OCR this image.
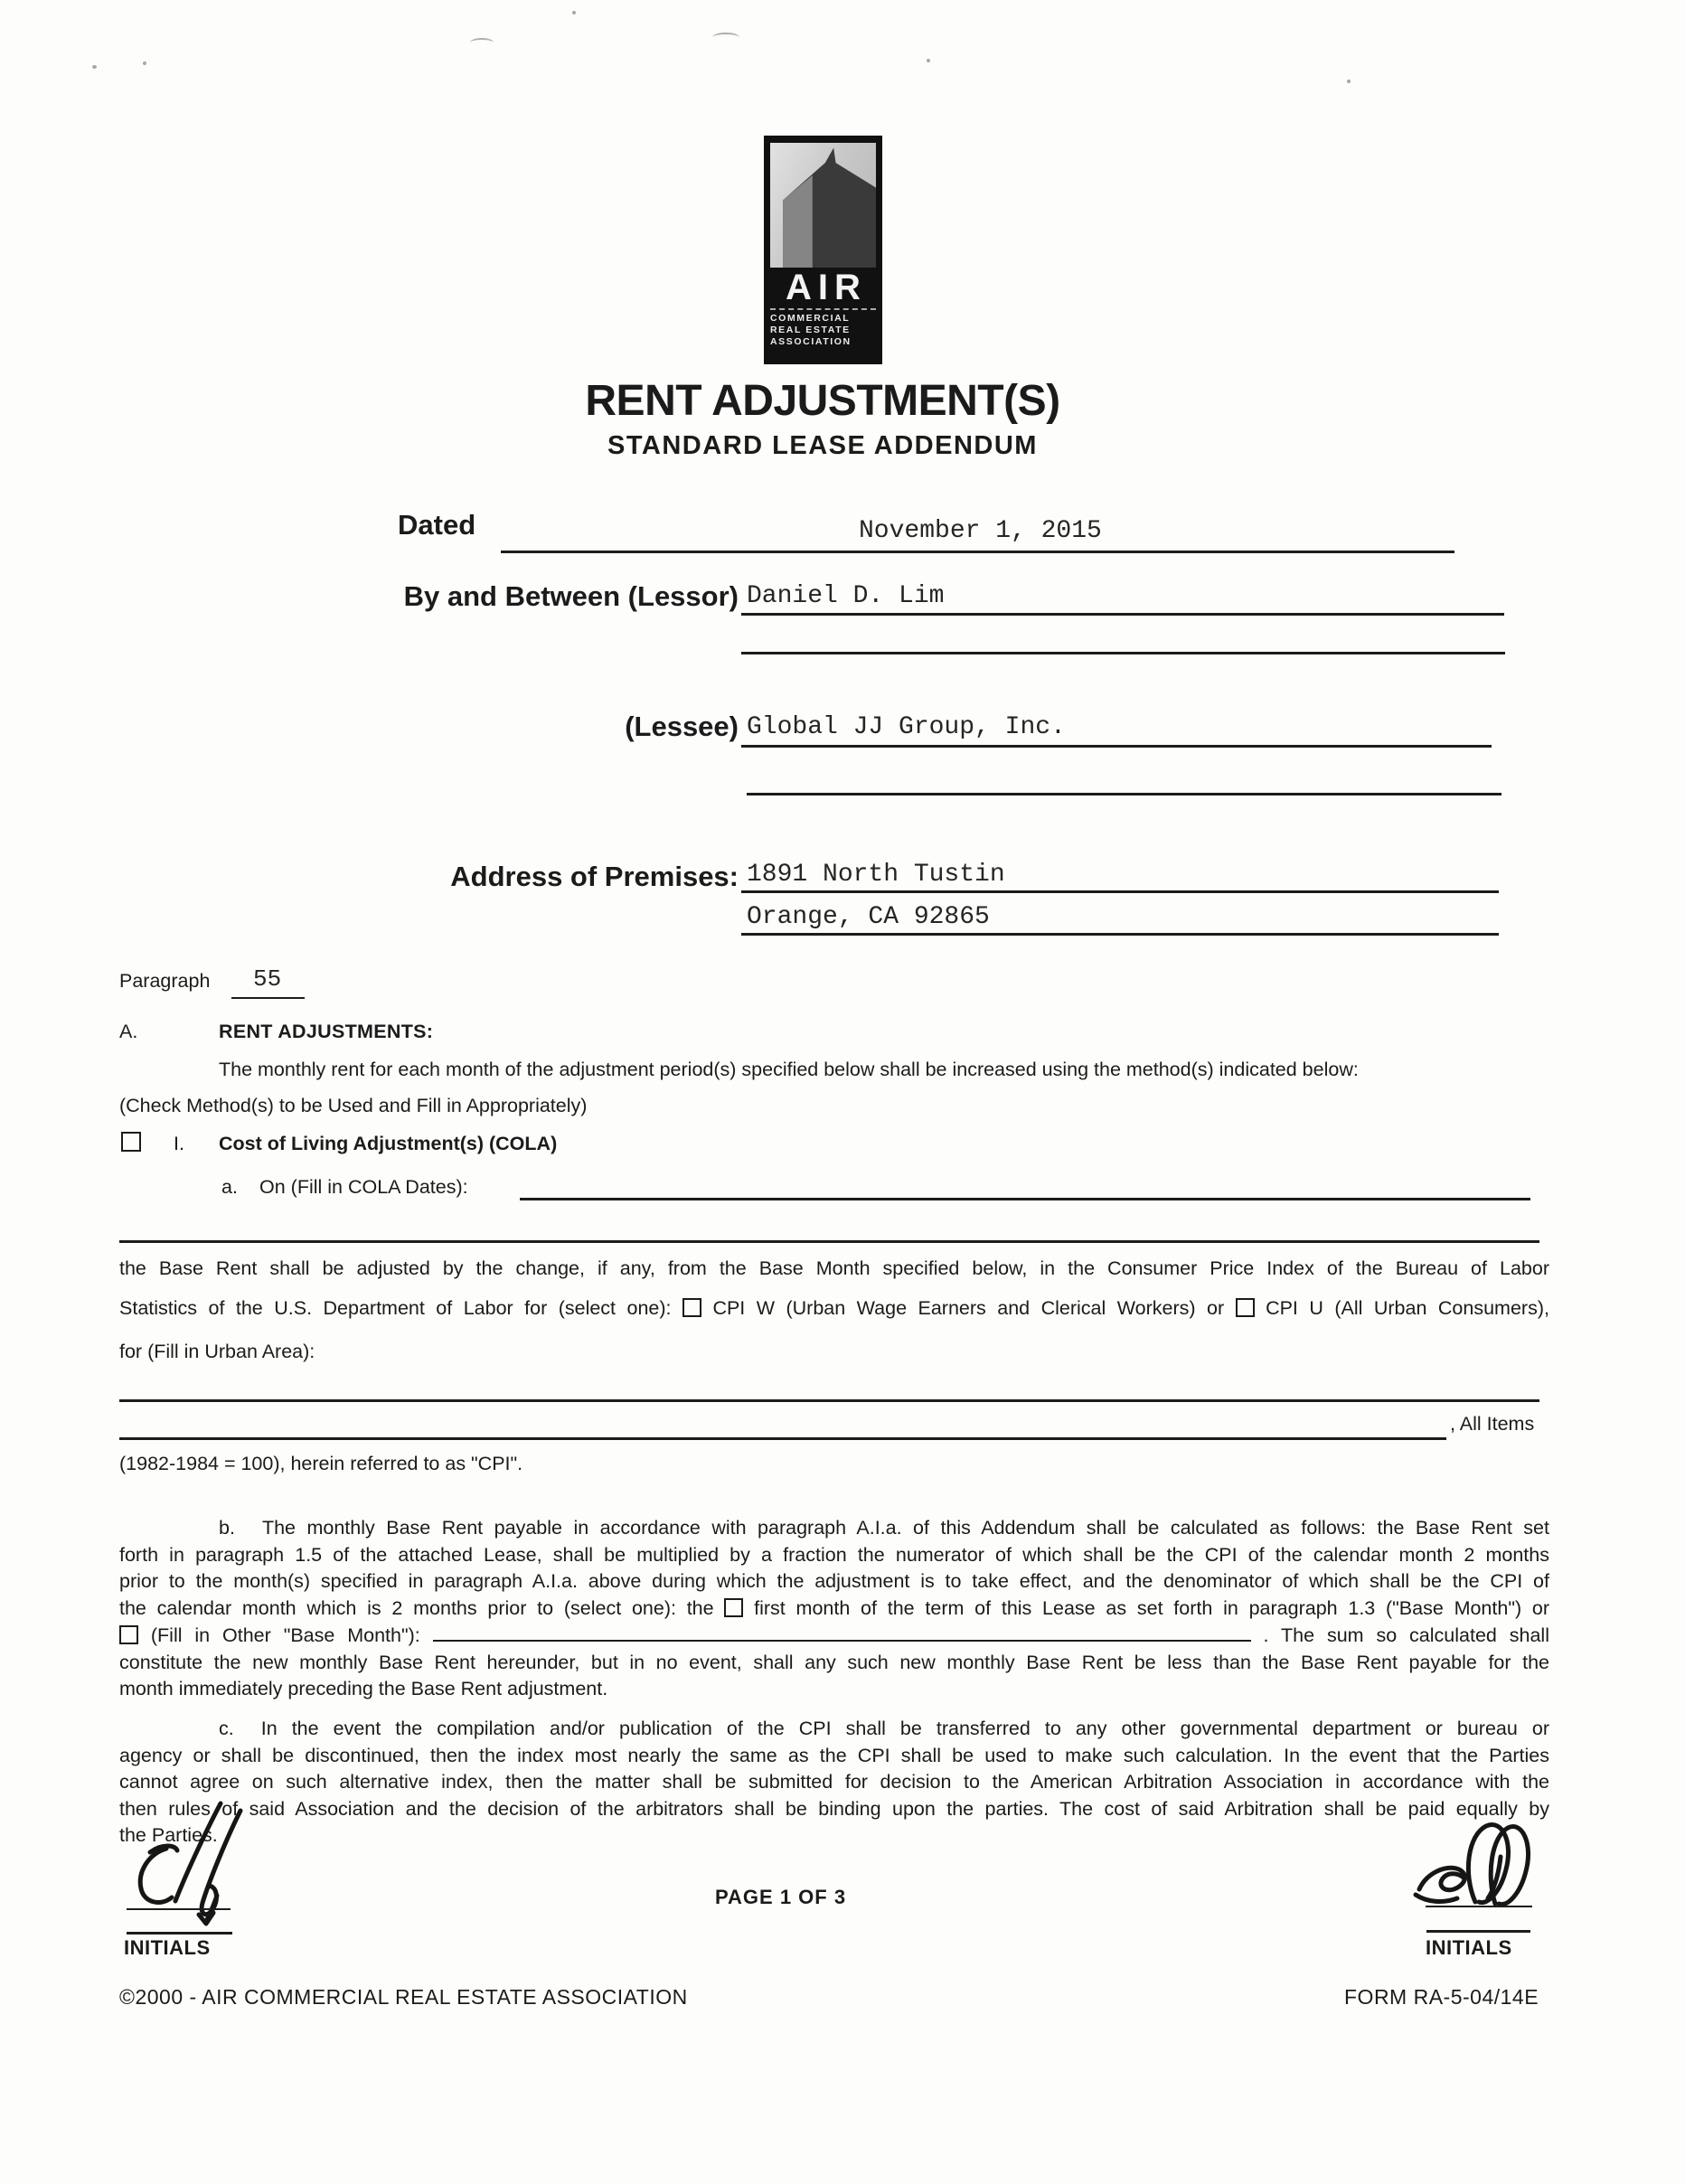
AIR
COMMERCIAL
REAL ESTATE
ASSOCIATION
RENT ADJUSTMENT(S)
STANDARD LEASE ADDENDUM
Dated	November 1, 2015
By and Between (Lessor) Daniel D. Lim
(Lessee) Global JJ Group, Inc.
Address of Premises: 1891 North Tustin
Orange, CA 92865
Paragraph 55
A.	RENT ADJUSTMENTS:
The monthly rent for each month of the adjustment period(s) specified below shall be increased using the method(s) indicated below:
(Check Method(s) to be Used and Fill in Appropriately)
I. Cost of Living Adjustment(s) (COLA)
a. On (Fill in COLA Dates):
the Base Rent shall be adjusted by the change, if any, from the Base Month specified below, in the Consumer Price Index of the Bureau of Labor
Statistics of the U.S. Department of Labor for (select one): CPI W (Urban Wage Earners and Clerical Workers) or CPI U (All Urban Consumers),
for (Fill in Urban Area):
, All Items
(1982-1984 = 100), herein referred to as "CPI".
b. The monthly Base Rent payable in accordance with paragraph A.I.a. of this Addendum shall be calculated as follows: the Base Rent set
forth in paragraph 1.5 of the attached Lease, shall be multiplied by a fraction the numerator of which shall be the CPI of the calendar month 2 months
prior to the month(s) specified in paragraph A.I.a. above during which the adjustment is to take effect, and the denominator of which shall be the CPI of
the calendar month which is 2 months prior to (select one): the first month of the term of this Lease as set forth in paragraph 1.3 ("Base Month") or
(Fill in Other "Base Month"):	. The sum so calculated shall
constitute the new monthly Base Rent hereunder, but in no event, shall any such new monthly Base Rent be less than the Base Rent payable for the
month immediately preceding the Base Rent adjustment.
c. In the event the compilation and/or publication of the CPI shall be transferred to any other governmental department or bureau or
agency or shall be discontinued, then the index most nearly the same as the CPI shall be used to make such calculation. In the event that the Parties
cannot agree on such alternative index, then the matter shall be submitted for decision to the American Arbitration Association in accordance with the
then rules of said Association and the decision of the arbitrators shall be binding upon the parties. The cost of said Arbitration shall be paid equally by
the Parties.
INITIALS
PAGE 1 OF 3
INITIALS
©2000 - AIR COMMERCIAL REAL ESTATE ASSOCIATION	FORM RA-5-04/14E
